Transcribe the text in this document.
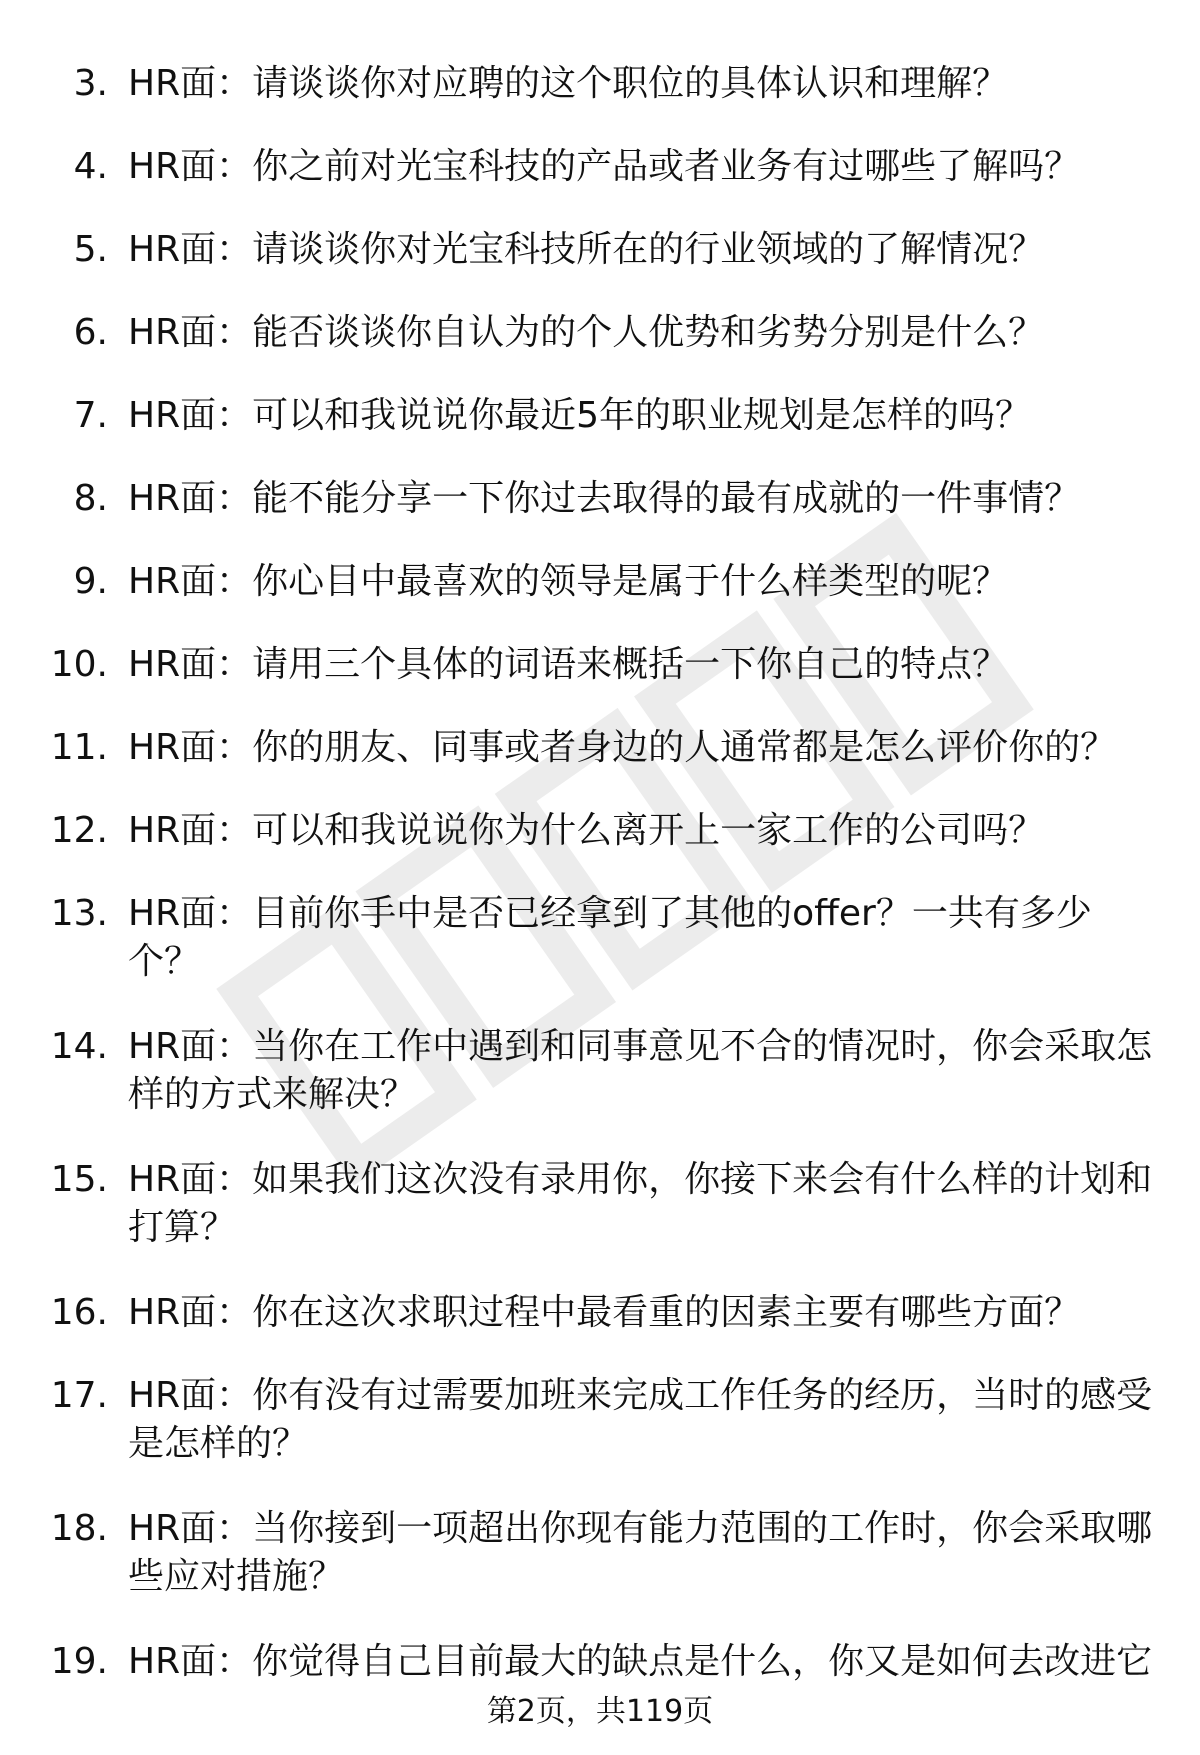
3. HR面：请谈谈你对应聘的这个职位的具体认识和理解？
4. HR面：你之前对光宝科技的产品或者业务有过哪些了解吗？
5. HR面：请谈谈你对光宝科技所在的行业领域的了解情况？
6. HR面：能否谈谈你自认为的个人优势和劣势分别是什么？
7. HR面：可以和我说说你最近5年的职业规划是怎样的吗？
8. HR面：能不能分享一下你过去取得的最有成就的一件事情？
9. HR面：你心目中最喜欢的领导是属于什么样类型的呢？
10. HR面：请用三个具体的词语来概括一下你自己的特点？
11. HR面：你的朋友、同事或者身边的人通常都是怎么评价你的？
12. HR面：可以和我说说你为什么离开上一家工作的公司吗？
13. HR面：目前你手中是否已经拿到了其他的offer？一共有多少个？
14. HR面：当你在工作中遇到和同事意见不合的情况时，你会采取怎样的方式来解决？
15. HR面：如果我们这次没有录用你，你接下来会有什么样的计划和打算？
16. HR面：你在这次求职过程中最看重的因素主要有哪些方面？
17. HR面：你有没有过需要加班来完成工作任务的经历，当时的感受是怎样的？
18. HR面：当你接到一项超出你现有能力范围的工作时，你会采取哪些应对措施？
19. HR面：你觉得自己目前最大的缺点是什么，你又是如何去改进它
第2页，共119页
